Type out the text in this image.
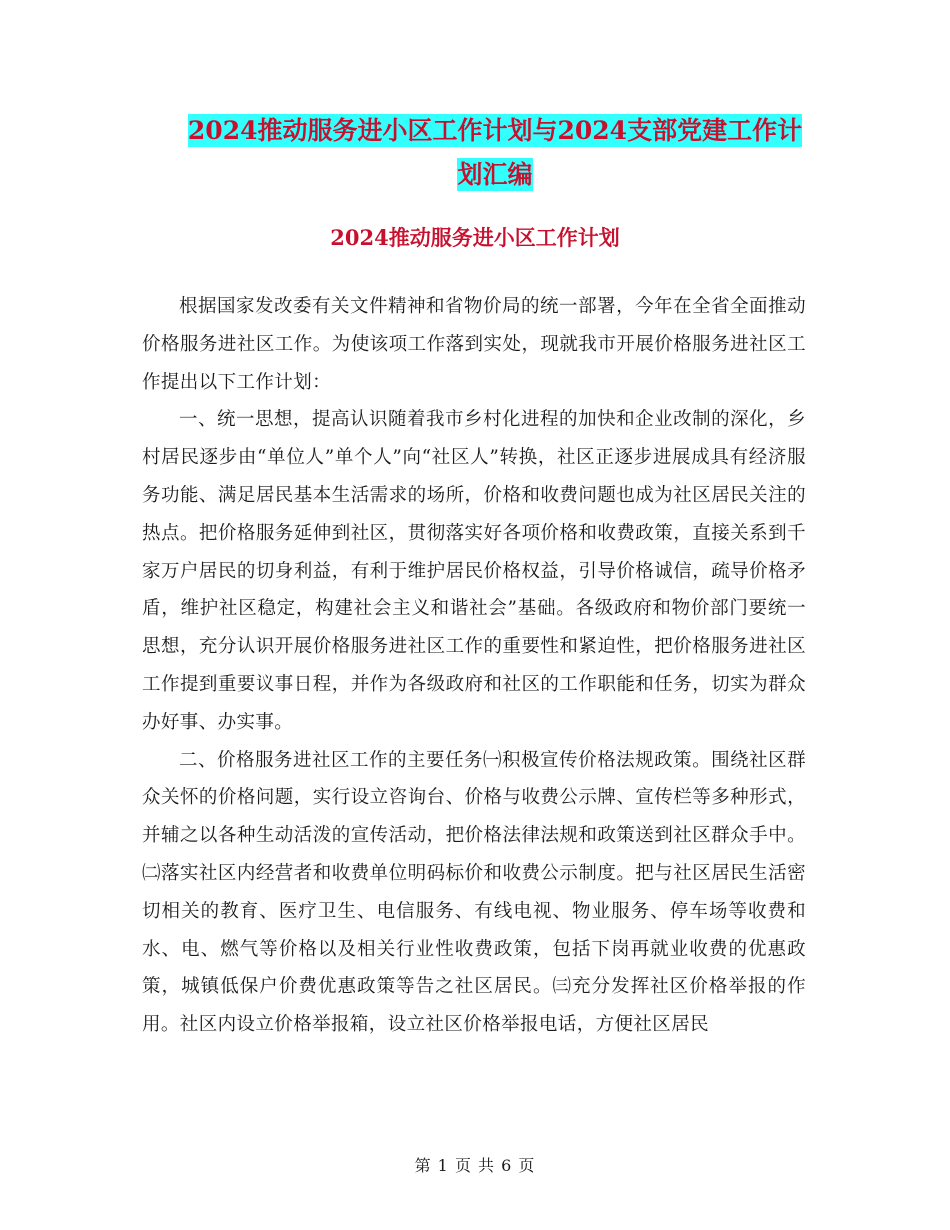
2024推动服务进小区工作计划与2024支部党建工作计
划汇编
2024推动服务进小区工作计划

根据国家发改委有关文件精神和省物价局的统一部署，今年在全省全面推动价格服务进社区工作。为使该项工作落到实处，现就我市开展价格服务进社区工作提出以下工作计划：

一、统一思想，提高认识随着我市乡村化进程的加快和企业改制的深化，乡村居民逐步由“单位人”单个人”向“社区人”转换，社区正逐步进展成具有经济服务功能、满足居民基本生活需求的场所，价格和收费问题也成为社区居民关注的热点。把价格服务延伸到社区，贯彻落实好各项价格和收费政策，直接关系到千家万户居民的切身利益，有利于维护居民价格权益，引导价格诚信，疏导价格矛盾，维护社区稳定，构建社会主义和谐社会”基础。各级政府和物价部门要统一思想，充分认识开展价格服务进社区工作的重要性和紧迫性，把价格服务进社区工作提到重要议事日程，并作为各级政府和社区的工作职能和任务，切实为群众办好事、办实事。

二、价格服务进社区工作的主要任务㈠积极宣传价格法规政策。围绕社区群众关怀的价格问题，实行设立咨询台、价格与收费公示牌、宣传栏等多种形式，并辅之以各种生动活泼的宣传活动，把价格法律法规和政策送到社区群众手中。㈡落实社区内经营者和收费单位明码标价和收费公示制度。把与社区居民生活密切相关的教育、医疗卫生、电信服务、有线电视、物业服务、停车场等收费和水、电、燃气等价格以及相关行业性收费政策，包括下岗再就业收费的优惠政策，城镇低保户价费优惠政策等告之社区居民。㈢充分发挥社区价格举报的作用。社区内设立价格举报箱，设立社区价格举报电话，方便社区居民

第 1 页 共 6 页
